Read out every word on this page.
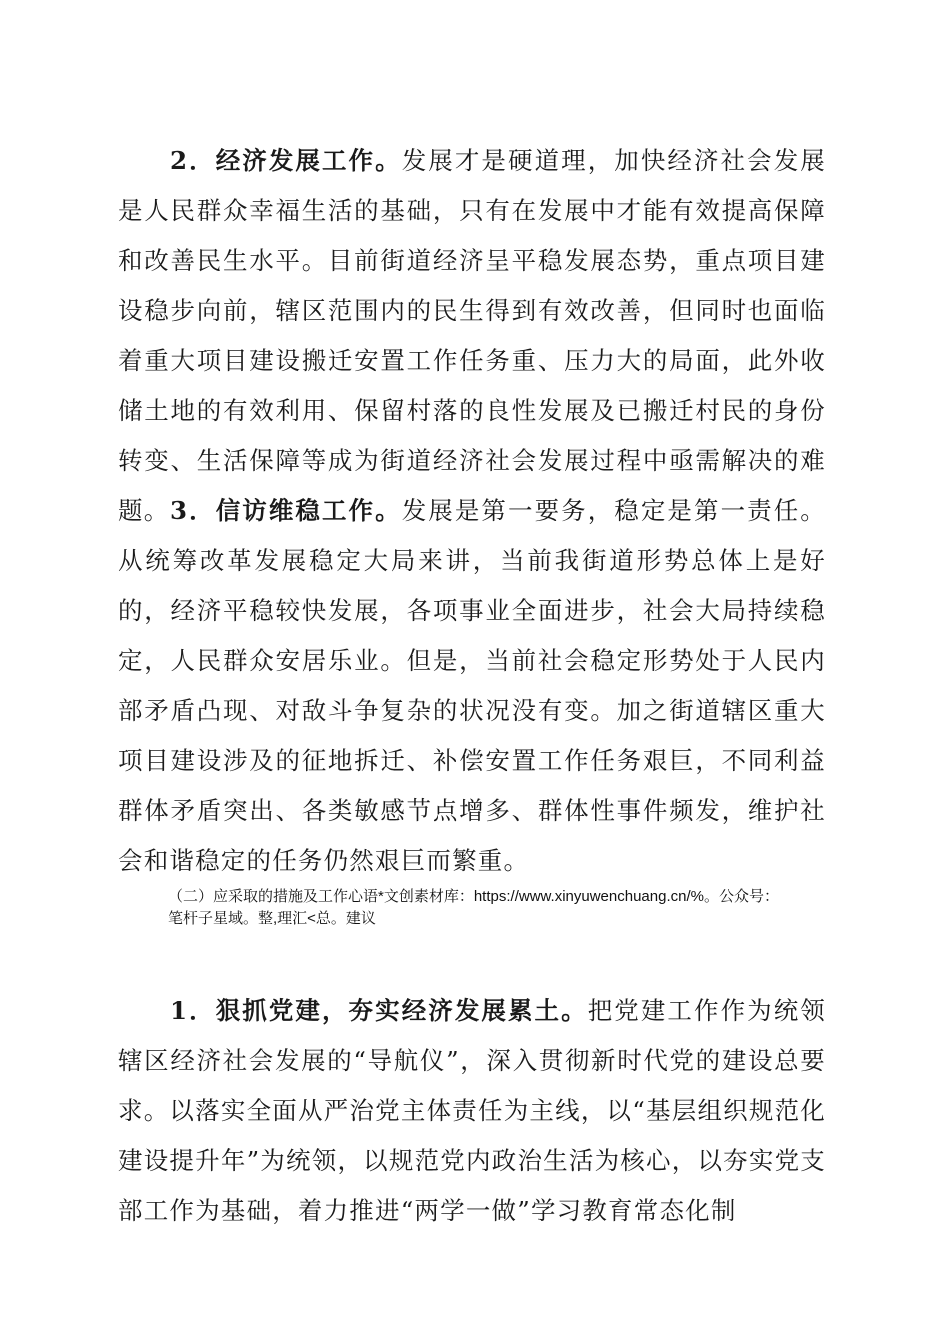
2．经济发展工作。发展才是硬道理，加快经济社会发展是人民群众幸福生活的基础，只有在发展中才能有效提高保障和改善民生水平。目前街道经济呈平稳发展态势，重点项目建设稳步向前，辖区范围内的民生得到有效改善，但同时也面临着重大项目建设搬迁安置工作任务重、压力大的局面，此外收储土地的有效利用、保留村落的良性发展及已搬迁村民的身份转变、生活保障等成为街道经济社会发展过程中亟需解决的难题。 3．信访维稳工作。发展是第一要务，稳定是第一责任。从统筹改革发展稳定大局来讲，当前我街道形势总体上是好的，经济平稳较快发展，各项事业全面进步，社会大局持续稳定，人民群众安居乐业。但是，当前社会稳定形势处于人民内部矛盾凸现、对敌斗争复杂的状况没有变。加之街道辖区重大项目建设涉及的征地拆迁、补偿安置工作任务艰巨，不同利益群体矛盾突出、各类敏感节点增多、群体性事件频发，维护社会和谐稳定的任务仍然艰巨而繁重。

（二）应采取的措施及工作心语*文创素材库：https://www.xinyuwenchuang.cn/%。公众号：
笔杆子星域。整,理汇<总。建议

1．狠抓党建，夯实经济发展累土。把党建工作作为统领辖区经济社会发展的“导航仪”，深入贯彻新时代党的建设总要求。以落实全面从严治党主体责任为主线，以“基层组织规范化建设提升年”为统领，以规范党内政治生活为核心，以夯实党支部工作为基础，着力推进“两学一做”学习教育常态化制
